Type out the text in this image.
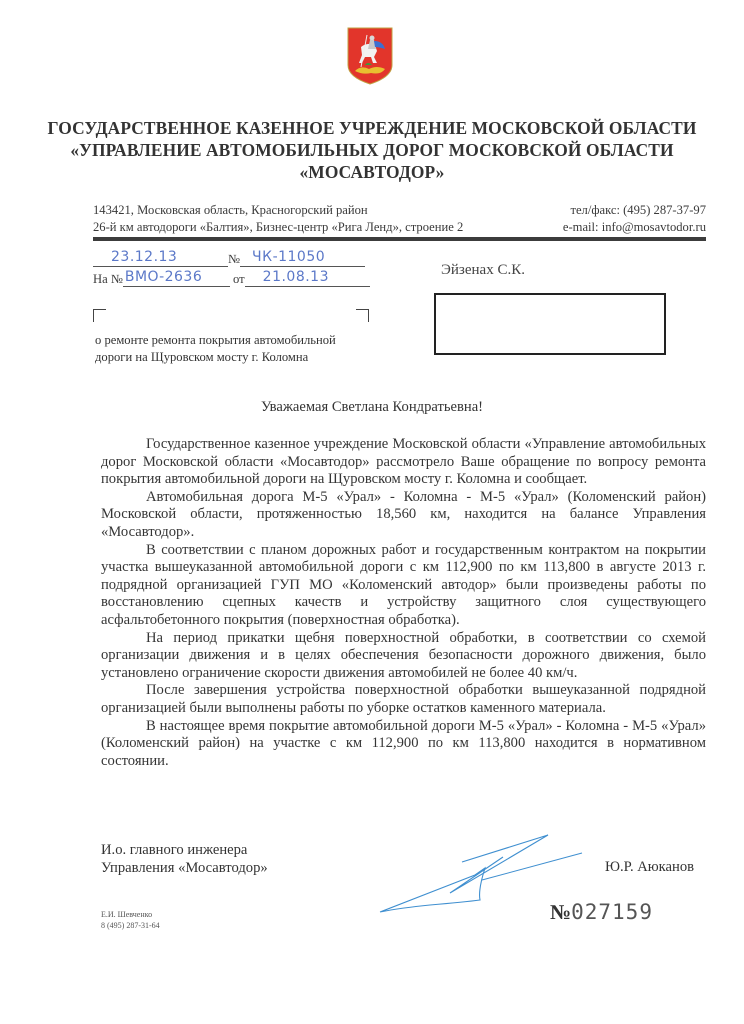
ГОСУДАРСТВЕННОЕ КАЗЕННОЕ УЧРЕЖДЕНИЕ МОСКОВСКОЙ ОБЛАСТИ
«УПРАВЛЕНИЕ АВТОМОБИЛЬНЫХ ДОРОГ МОСКОВСКОЙ ОБЛАСТИ
«МОСАВТОДОР»
143421, Московская область, Красногорский район
26-й км автодороги «Балтия», Бизнес-центр «Рига Ленд», строение 2
тел/факс: (495) 287-37-97
e-mail: info@mosavtodor.ru
23.12.13	№ ЧК-11050
На № ВМО-2636 от 21.08.13
о ремонте ремонта покрытия автомобильной
дороги на Щуровском мосту г. Коломна
Эйзенах С.К.
Уважаемая Светлана Кондратьевна!

Государственное казенное учреждение Московской области «Управление автомобильных дорог Московской области «Мосавтодор» рассмотрело Ваше обращение по вопросу ремонта покрытия автомобильной дороги на Щуровском мосту г. Коломна и сообщает.

Автомобильная дорога М-5 «Урал» - Коломна - М-5 «Урал» (Коломенский район) Московской области, протяженностью 18,560 км, находится на балансе Управления «Мосавтодор».

В соответствии с планом дорожных работ и государственным контрактом на покрытии участка вышеуказанной автомобильной дороги с км 112,900 по км 113,800 в августе 2013 г. подрядной организацией ГУП МО «Коломенский автодор» были произведены работы по восстановлению сцепных качеств и устройству защитного слоя существующего асфальтобетонного покрытия (поверхностная обработка).

На период прикатки щебня поверхностной обработки, в соответствии со схемой организации движения и в целях обеспечения безопасности дорожного движения, было установлено ограничение скорости движения автомобилей не более 40 км/ч.

После завершения устройства поверхностной обработки вышеуказанной подрядной организацией были выполнены работы по уборке остатков каменного материала.

В настоящее время покрытие автомобильной дороги М-5 «Урал» - Коломна - М-5 «Урал» (Коломенский район) на участке с км 112,900 по км 113,800 находится в нормативном состоянии.

И.о. главного инженера
Управления «Мосавтодор»	Ю.Р. Аюканов
Е.И. Шевченко
8 (495) 287-31-64
№027159
